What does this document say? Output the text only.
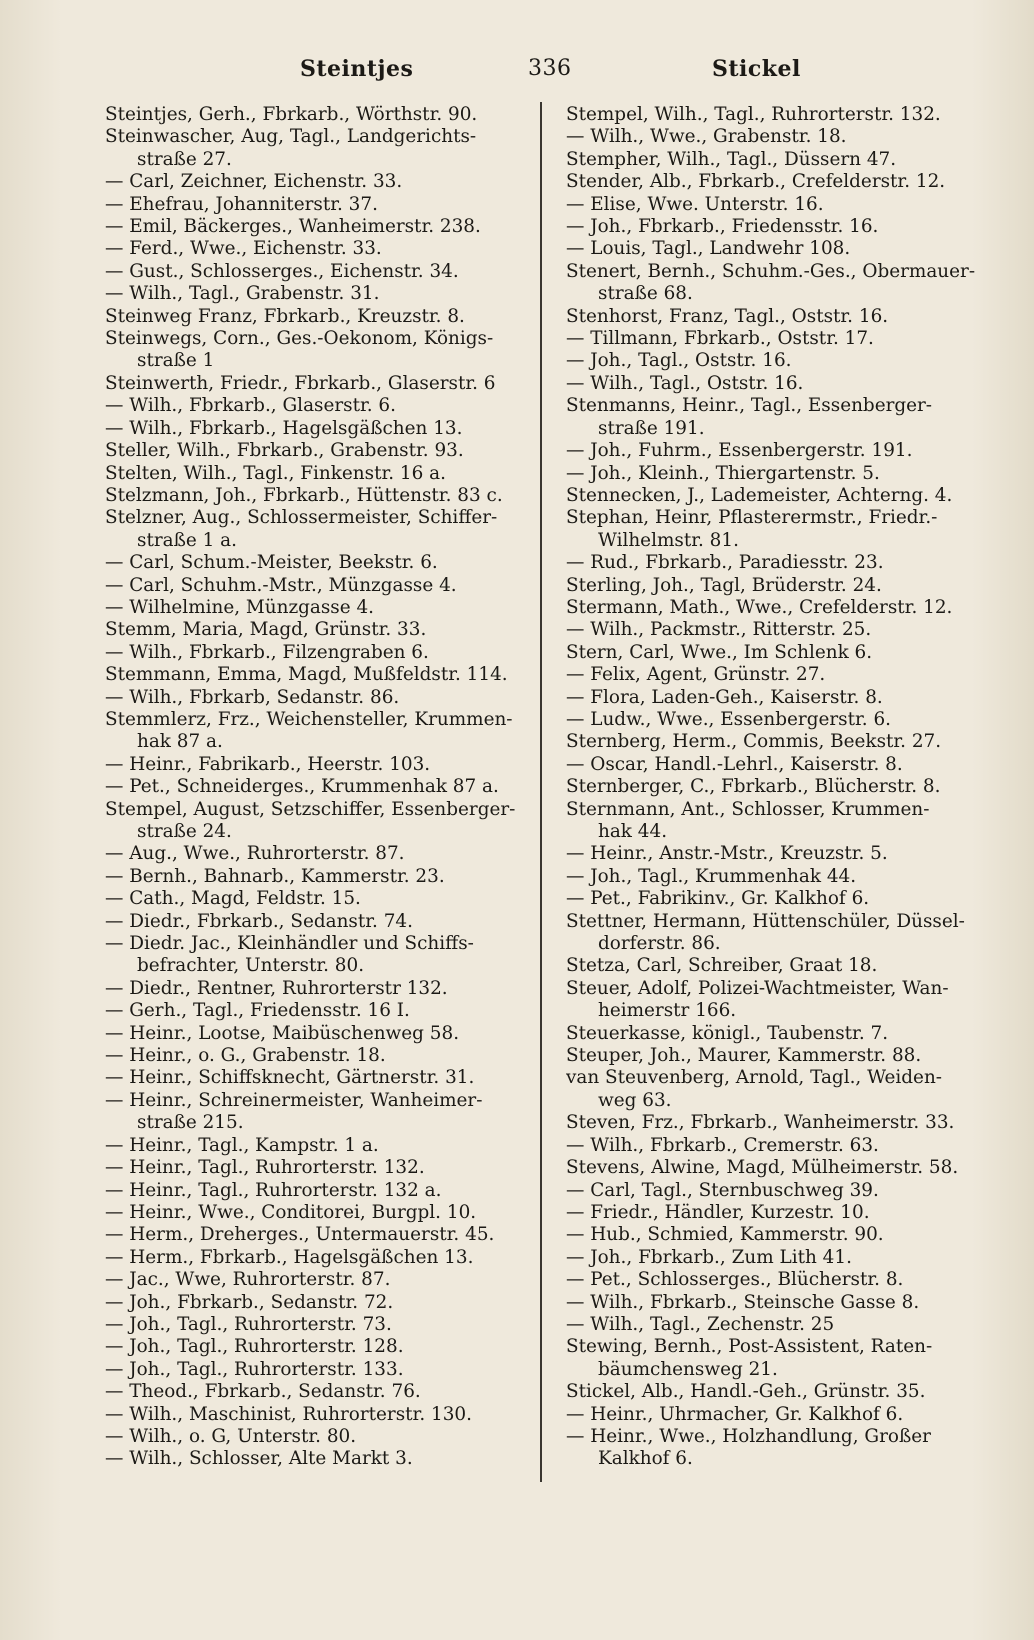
Steintjes	336	Stickel
Steintjes, Gerh., Fbrkarb., Wörthstr. 90.
Steinwascher, Aug, Tagl., Landgerichts-
straße 27.
— Carl, Zeichner, Eichenstr. 33.
— Ehefrau, Johanniterstr. 37.
— Emil, Bäckerges., Wanheimerstr. 238.
— Ferd., Wwe., Eichenstr. 33.
— Gust., Schlosserges., Eichenstr. 34.
— Wilh., Tagl., Grabenstr. 31.
Steinweg Franz, Fbrkarb., Kreuzstr. 8.
Steinwegs, Corn., Ges.-Oekonom, Königs-
straße 1
Steinwerth, Friedr., Fbrkarb., Glaserstr. 6
— Wilh., Fbrkarb., Glaserstr. 6.
— Wilh., Fbrkarb., Hagelsgäßchen 13.
Steller, Wilh., Fbrkarb., Grabenstr. 93.
Stelten, Wilh., Tagl., Finkenstr. 16 a.
Stelzmann, Joh., Fbrkarb., Hüttenstr. 83 c.
Stelzner, Aug., Schlossermeister, Schiffer-
straße 1 a.
— Carl, Schum.-Meister, Beekstr. 6.
— Carl, Schuhm.-Mstr., Münzgasse 4.
— Wilhelmine, Münzgasse 4.
Stemm, Maria, Magd, Grünstr. 33.
— Wilh., Fbrkarb., Filzengraben 6.
Stemmann, Emma, Magd, Mußfeldstr. 114.
— Wilh., Fbrkarb, Sedanstr. 86.
Stemmlerz, Frz., Weichensteller, Krummen-
hak 87 a.
— Heinr., Fabrikarb., Heerstr. 103.
— Pet., Schneiderges., Krummenhak 87 a.
Stempel, August, Setzschiffer, Essenberger-
straße 24.
— Aug., Wwe., Ruhrorterstr. 87.
— Bernh., Bahnarb., Kammerstr. 23.
— Cath., Magd, Feldstr. 15.
— Diedr., Fbrkarb., Sedanstr. 74.
— Diedr. Jac., Kleinhändler und Schiffs-
befrachter, Unterstr. 80.
— Diedr., Rentner, Ruhrorterstr 132.
— Gerh., Tagl., Friedensstr. 16 I.
— Heinr., Lootse, Maibüschenweg 58.
— Heinr., o. G., Grabenstr. 18.
— Heinr., Schiffsknecht, Gärtnerstr. 31.
— Heinr., Schreinermeister, Wanheimer-
straße 215.
— Heinr., Tagl., Kampstr. 1 a.
— Heinr., Tagl., Ruhrorterstr. 132.
— Heinr., Tagl., Ruhrorterstr. 132 a.
— Heinr., Wwe., Conditorei, Burgpl. 10.
— Herm., Dreherges., Untermauerstr. 45.
— Herm., Fbrkarb., Hagelsgäßchen 13.
— Jac., Wwe, Ruhrorterstr. 87.
— Joh., Fbrkarb., Sedanstr. 72.
— Joh., Tagl., Ruhrorterstr. 73.
— Joh., Tagl., Ruhrorterstr. 128.
— Joh., Tagl., Ruhrorterstr. 133.
— Theod., Fbrkarb., Sedanstr. 76.
— Wilh., Maschinist, Ruhrorterstr. 130.
— Wilh., o. G, Unterstr. 80.
— Wilh., Schlosser, Alte Markt 3.
Stempel, Wilh., Tagl., Ruhrorterstr. 132.
— Wilh., Wwe., Grabenstr. 18.
Stempher, Wilh., Tagl., Düssern 47.
Stender, Alb., Fbrkarb., Crefelderstr. 12.
— Elise, Wwe. Unterstr. 16.
— Joh., Fbrkarb., Friedensstr. 16.
— Louis, Tagl., Landwehr 108.
Stenert, Bernh., Schuhm.-Ges., Obermauer-
straße 68.
Stenhorst, Franz, Tagl., Oststr. 16.
— Tillmann, Fbrkarb., Oststr. 17.
— Joh., Tagl., Oststr. 16.
— Wilh., Tagl., Oststr. 16.
Stenmanns, Heinr., Tagl., Essenberger-
straße 191.
— Joh., Fuhrm., Essenbergerstr. 191.
— Joh., Kleinh., Thiergartenstr. 5.
Stennecken, J., Lademeister, Achterng. 4.
Stephan, Heinr, Pflasterermstr., Friedr.-
Wilhelmstr. 81.
— Rud., Fbrkarb., Paradiesstr. 23.
Sterling, Joh., Tagl, Brüderstr. 24.
Stermann, Math., Wwe., Crefelderstr. 12.
— Wilh., Packmstr., Ritterstr. 25.
Stern, Carl, Wwe., Im Schlenk 6.
— Felix, Agent, Grünstr. 27.
— Flora, Laden-Geh., Kaiserstr. 8.
— Ludw., Wwe., Essenbergerstr. 6.
Sternberg, Herm., Commis, Beekstr. 27.
— Oscar, Handl.-Lehrl., Kaiserstr. 8.
Sternberger, C., Fbrkarb., Blücherstr. 8.
Sternmann, Ant., Schlosser, Krummen-
hak 44.
— Heinr., Anstr.-Mstr., Kreuzstr. 5.
— Joh., Tagl., Krummenhak 44.
— Pet., Fabrikinv., Gr. Kalkhof 6.
Stettner, Hermann, Hüttenschüler, Düssel-
dorferstr. 86.
Stetza, Carl, Schreiber, Graat 18.
Steuer, Adolf, Polizei-Wachtmeister, Wan-
heimerstr 166.
Steuerkasse, königl., Taubenstr. 7.
Steuper, Joh., Maurer, Kammerstr. 88.
van Steuvenberg, Arnold, Tagl., Weiden-
weg 63.
Steven, Frz., Fbrkarb., Wanheimerstr. 33.
— Wilh., Fbrkarb., Cremerstr. 63.
Stevens, Alwine, Magd, Mülheimerstr. 58.
— Carl, Tagl., Sternbuschweg 39.
— Friedr., Händler, Kurzestr. 10.
— Hub., Schmied, Kammerstr. 90.
— Joh., Fbrkarb., Zum Lith 41.
— Pet., Schlosserges., Blücherstr. 8.
— Wilh., Fbrkarb., Steinsche Gasse 8.
— Wilh., Tagl., Zechenstr. 25
Stewing, Bernh., Post-Assistent, Raten-
bäumchensweg 21.
Stickel, Alb., Handl.-Geh., Grünstr. 35.
— Heinr., Uhrmacher, Gr. Kalkhof 6.
— Heinr., Wwe., Holzhandlung, Großer
Kalkhof 6.
